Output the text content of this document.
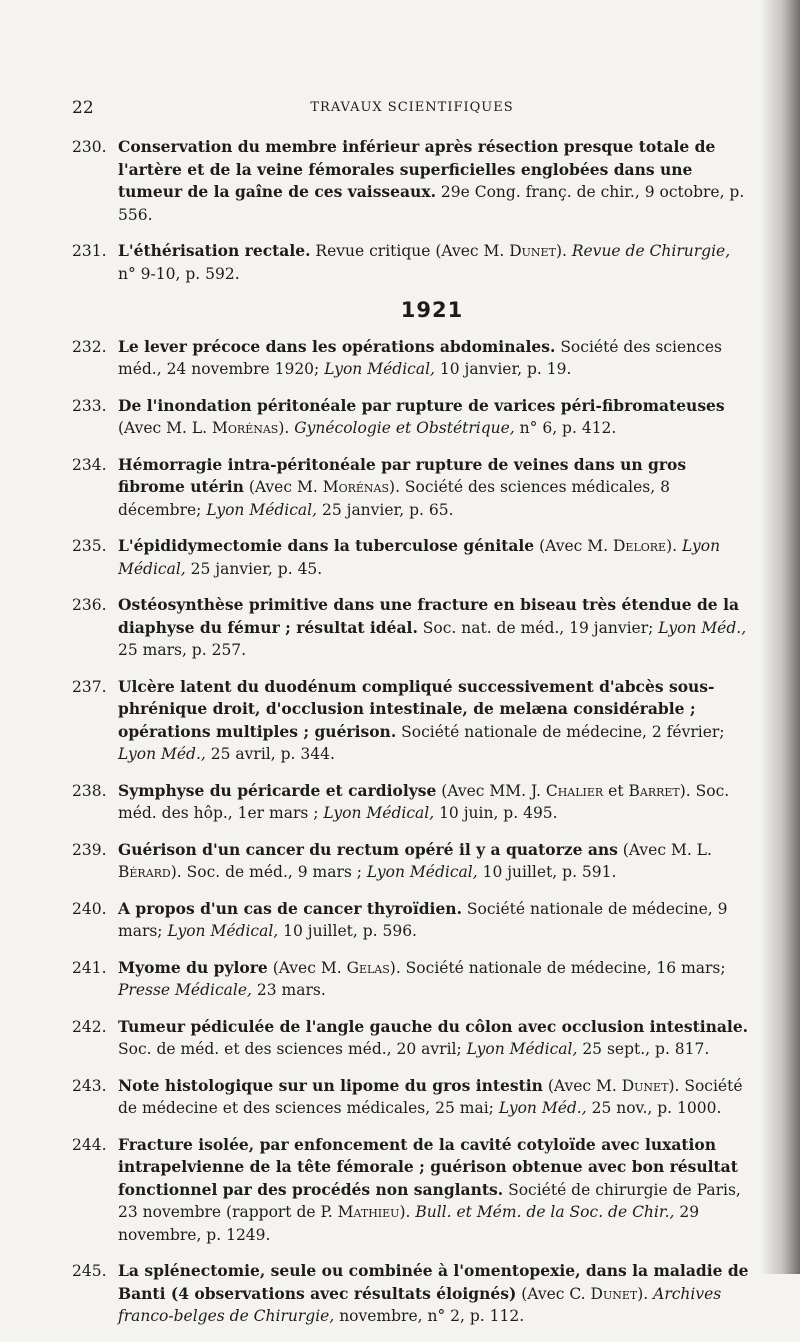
22	TRAVAUX SCIENTIFIQUES
230. Conservation du membre inférieur après résection presque totale de l'artère et de la veine fémorales superficielles englobées dans une tumeur de la gaîne de ces vaisseaux. 29e Cong. franç. de chir., 9 octobre, p. 556.
231. L'éthérisation rectale. Revue critique (Avec M. Dunet). Revue de Chirurgie, n° 9-10, p. 592.
1921
232. Le lever précoce dans les opérations abdominales. Société des sciences méd., 24 novembre 1920; Lyon Médical, 10 janvier, p. 19.
233. De l'inondation péritonéale par rupture de varices péri-fibromateuses (Avec M. L. Morénas). Gynécologie et Obstétrique, n° 6, p. 412.
234. Hémorragie intra-péritonéale par rupture de veines dans un gros fibrome utérin (Avec M. Morénas). Société des sciences médicales, 8 décembre; Lyon Médical, 25 janvier, p. 65.
235. L'épididymectomie dans la tuberculose génitale (Avec M. Delore). Lyon Médical, 25 janvier, p. 45.
236. Ostéosynthèse primitive dans une fracture en biseau très étendue de la diaphyse du fémur ; résultat idéal. Soc. nat. de méd., 19 janvier; Lyon Méd., 25 mars, p. 257.
237. Ulcère latent du duodénum compliqué successivement d'abcès sous-phrénique droit, d'occlusion intestinale, de melæna considérable ; opérations multiples ; guérison. Société nationale de médecine, 2 février; Lyon Méd., 25 avril, p. 344.
238. Symphyse du péricarde et cardiolyse (Avec MM. J. Chalier et Barret). Soc. méd. des hôp., 1er mars ; Lyon Médical, 10 juin, p. 495.
239. Guérison d'un cancer du rectum opéré il y a quatorze ans (Avec M. L. Bérard). Soc. de méd., 9 mars ; Lyon Médical, 10 juillet, p. 591.
240. A propos d'un cas de cancer thyroïdien. Société nationale de médecine, 9 mars; Lyon Médical, 10 juillet, p. 596.
241. Myome du pylore (Avec M. Gelas). Société nationale de médecine, 16 mars; Presse Médicale, 23 mars.
242. Tumeur pédiculée de l'angle gauche du côlon avec occlusion intestinale. Soc. de méd. et des sciences méd., 20 avril; Lyon Médical, 25 sept., p. 817.
243. Note histologique sur un lipome du gros intestin (Avec M. Dunet). Société de médecine et des sciences médicales, 25 mai; Lyon Méd., 25 nov., p. 1000.
244. Fracture isolée, par enfoncement de la cavité cotyloïde avec luxation intrapelvienne de la tête fémorale ; guérison obtenue avec bon résultat fonctionnel par des procédés non sanglants. Société de chirurgie de Paris, 23 novembre (rapport de P. Mathieu). Bull. et Mém. de la Soc. de Chir., 29 novembre, p. 1249.
245. La splénectomie, seule ou combinée à l'omentopexie, dans la maladie de Banti (4 observations avec résultats éloignés) (Avec C. Dunet). Archives franco-belges de Chirurgie, novembre, n° 2, p. 112.
